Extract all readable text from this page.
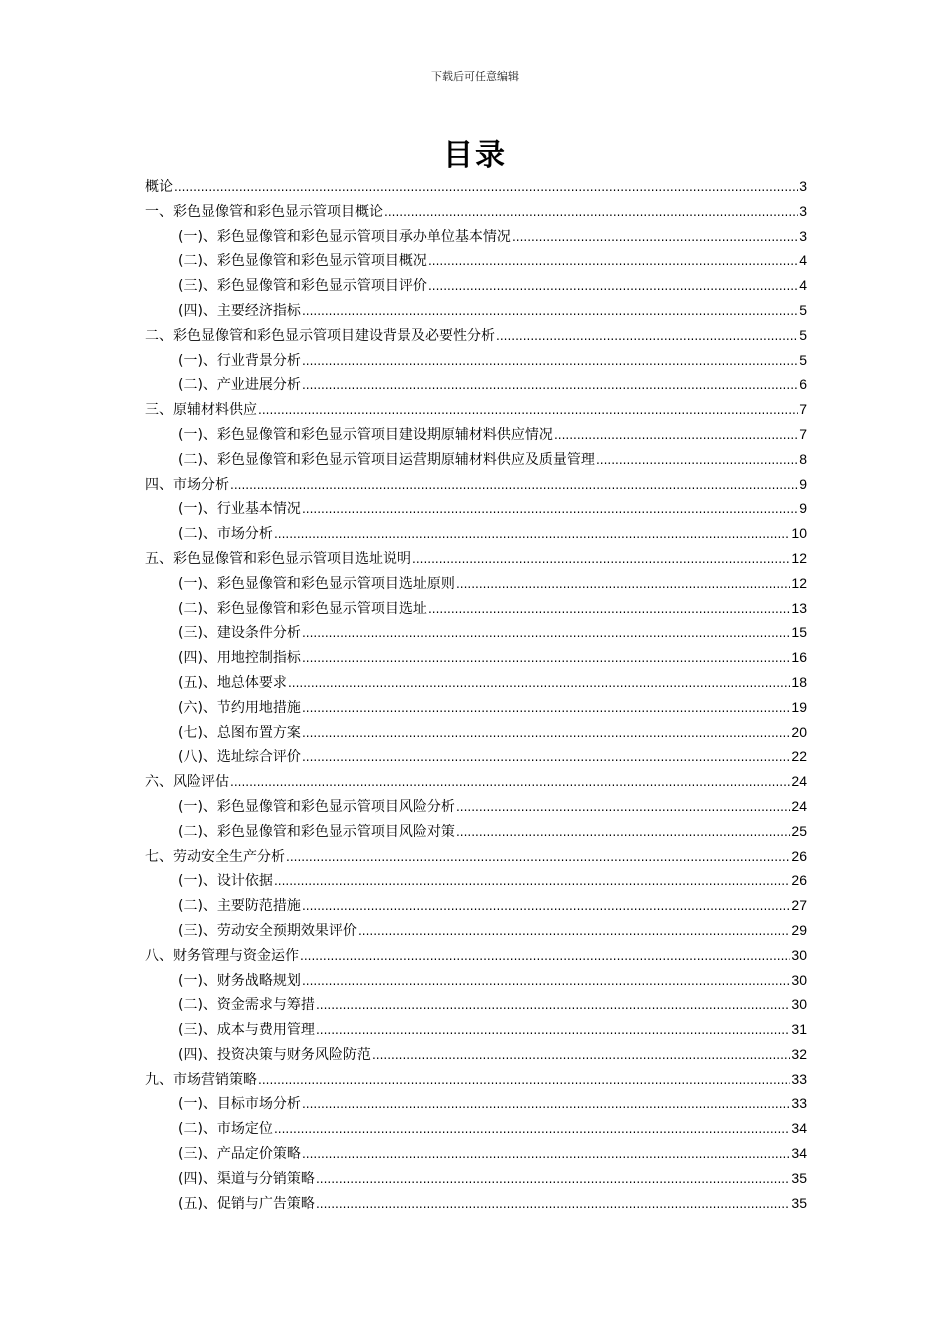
下载后可任意编辑
目录
概论 .....	3
一、彩色显像管和彩色显示管项目概论 .....	3
(一)、彩色显像管和彩色显示管项目承办单位基本情况 .....	3
(二)、彩色显像管和彩色显示管项目概况 .....	4
(三)、彩色显像管和彩色显示管项目评价 .....	4
(四)、主要经济指标 .....	5
二、彩色显像管和彩色显示管项目建设背景及必要性分析 .....	5
(一)、行业背景分析 .....	5
(二)、产业进展分析 .....	6
三、原辅材料供应 .....	7
(一)、彩色显像管和彩色显示管项目建设期原辅材料供应情况 .....	7
(二)、彩色显像管和彩色显示管项目运营期原辅材料供应及质量管理 .....	8
四、市场分析 .....	9
(一)、行业基本情况 .....	9
(二)、市场分析 .....	10
五、彩色显像管和彩色显示管项目选址说明 .....	12
(一)、彩色显像管和彩色显示管项目选址原则 .....	12
(二)、彩色显像管和彩色显示管项目选址 .....	13
(三)、建设条件分析 .....	15
(四)、用地控制指标 .....	16
(五)、地总体要求 .....	18
(六)、节约用地措施 .....	19
(七)、总图布置方案 .....	20
(八)、选址综合评价 .....	22
六、风险评估 .....	24
(一)、彩色显像管和彩色显示管项目风险分析 .....	24
(二)、彩色显像管和彩色显示管项目风险对策 .....	25
七、劳动安全生产分析 .....	26
(一)、设计依据 .....	26
(二)、主要防范措施 .....	27
(三)、劳动安全预期效果评价 .....	29
八、财务管理与资金运作 .....	30
(一)、财务战略规划 .....	30
(二)、资金需求与筹措 .....	30
(三)、成本与费用管理 .....	31
(四)、投资决策与财务风险防范 .....	32
九、市场营销策略 .....	33
(一)、目标市场分析 .....	33
(二)、市场定位 .....	34
(三)、产品定价策略 .....	34
(四)、渠道与分销策略 .....	35
(五)、促销与广告策略 .....	35
